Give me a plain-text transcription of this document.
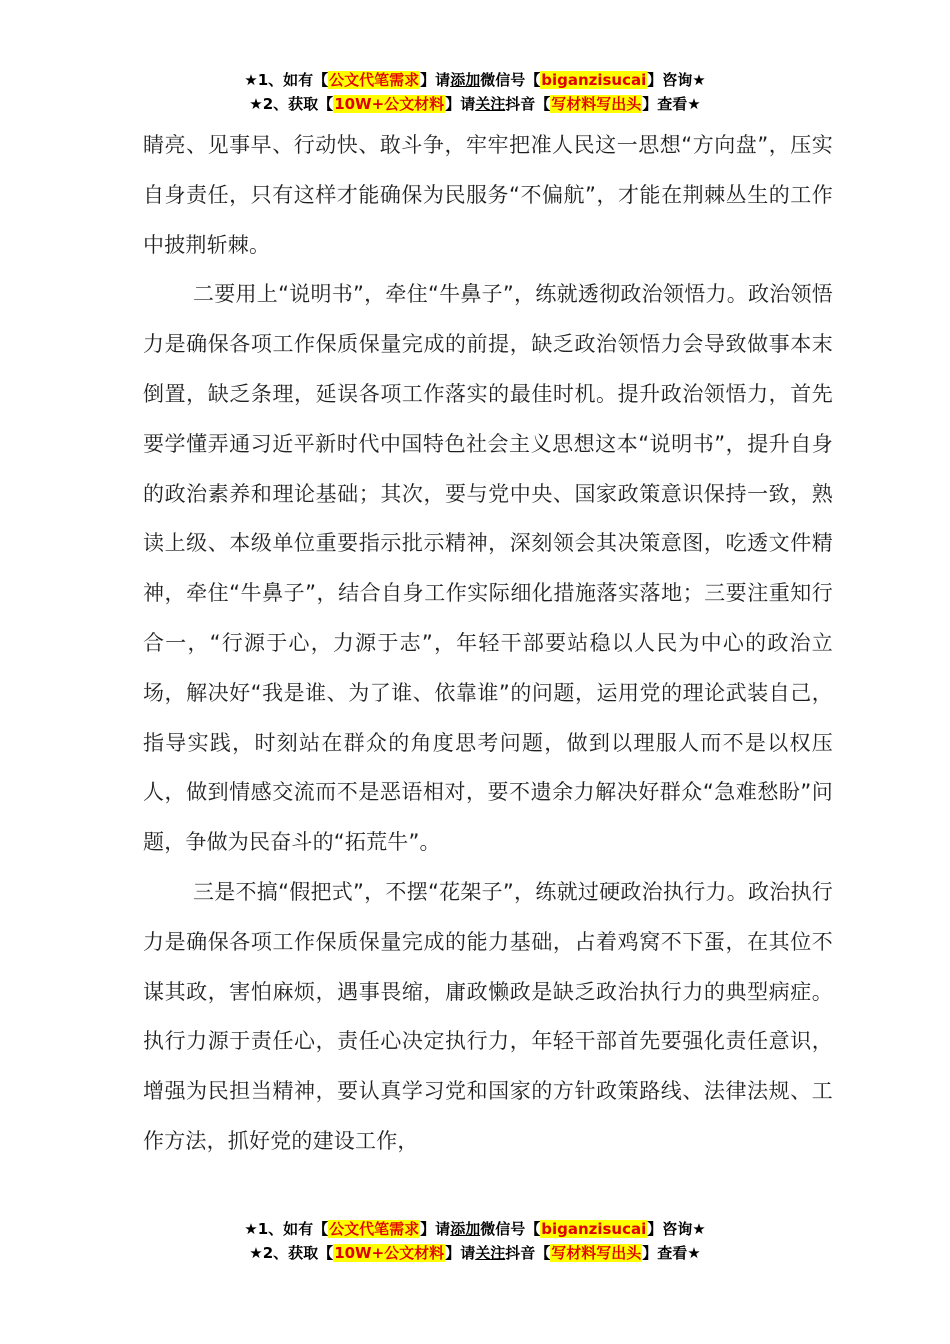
★1、如有【公文代笔需求】请添加微信号【biganzisucai】咨询★
★2、获取【10W+公文材料】请关注抖音【写材料写出头】查看★

睛亮、见事早、行动快、敢斗争，牢牢把准人民这一思想“方向盘”，压实自身责任，只有这样才能确保为民服务“不偏航”，才能在荆棘丛生的工作中披荆斩棘。

二要用上“说明书”，牵住“牛鼻子”，练就透彻政治领悟力。政治领悟力是确保各项工作保质保量完成的前提，缺乏政治领悟力会导致做事本末倒置，缺乏条理，延误各项工作落实的最佳时机。提升政治领悟力，首先要学懂弄通习近平新时代中国特色社会主义思想这本“说明书”，提升自身的政治素养和理论基础；其次，要与党中央、国家政策意识保持一致，熟读上级、本级单位重要指示批示精神，深刻领会其决策意图，吃透文件精神，牵住“牛鼻子”，结合自身工作实际细化措施落实落地；三要注重知行合一，“行源于心，力源于志”，年轻干部要站稳以人民为中心的政治立场，解决好“我是谁、为了谁、依靠谁”的问题，运用党的理论武装自己，指导实践，时刻站在群众的角度思考问题，做到以理服人而不是以权压人，做到情感交流而不是恶语相对，要不遗余力解决好群众“急难愁盼”问题，争做为民奋斗的“拓荒牛”。

三是不搞“假把式”，不摆“花架子”，练就过硬政治执行力。政治执行力是确保各项工作保质保量完成的能力基础，占着鸡窝不下蛋，在其位不谋其政，害怕麻烦，遇事畏缩，庸政懒政是缺乏政治执行力的典型病症。执行力源于责任心，责任心决定执行力，年轻干部首先要强化责任意识，增强为民担当精神，要认真学习党和国家的方针政策路线、法律法规、工作方法，抓好党的建设工作，

★1、如有【公文代笔需求】请添加微信号【biganzisucai】咨询★
★2、获取【10W+公文材料】请关注抖音【写材料写出头】查看★
